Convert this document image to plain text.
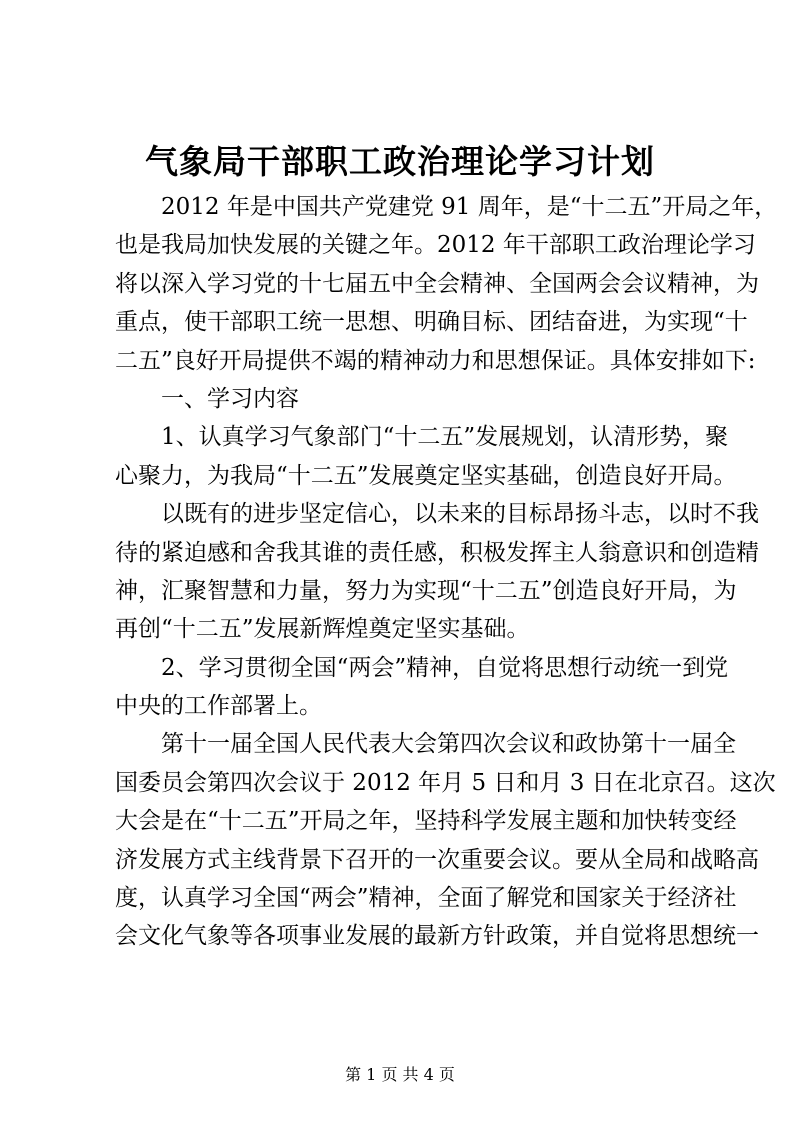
气象局干部职工政治理论学习计划
2012 年是中国共产党建党 91 周年，是“十二五”开局之年，
也是我局加快发展的关键之年。2012 年干部职工政治理论学习
将以深入学习党的十七届五中全会精神、全国两会会议精神，为
重点，使干部职工统一思想、明确目标、团结奋进，为实现“十
二五”良好开局提供不竭的精神动力和思想保证。具体安排如下:
一、学习内容
1、认真学习气象部门“十二五”发展规划，认清形势，聚
心聚力，为我局“十二五”发展奠定坚实基础，创造良好开局。
以既有的进步坚定信心，以未来的目标昂扬斗志，以时不我
待的紧迫感和舍我其谁的责任感，积极发挥主人翁意识和创造精
神，汇聚智慧和力量，努力为实现“十二五”创造良好开局，为
再创“十二五”发展新辉煌奠定坚实基础。
2、学习贯彻全国“两会”精神，自觉将思想行动统一到党
中央的工作部署上。
第十一届全国人民代表大会第四次会议和政协第十一届全
国委员会第四次会议于 2012 年月 5 日和月 3 日在北京召。这次
大会是在“十二五”开局之年，坚持科学发展主题和加快转变经
济发展方式主线背景下召开的一次重要会议。要从全局和战略高
度，认真学习全国“两会”精神，全面了解党和国家关于经济社
会文化气象等各项事业发展的最新方针政策，并自觉将思想统一
第 1 页 共 4 页
